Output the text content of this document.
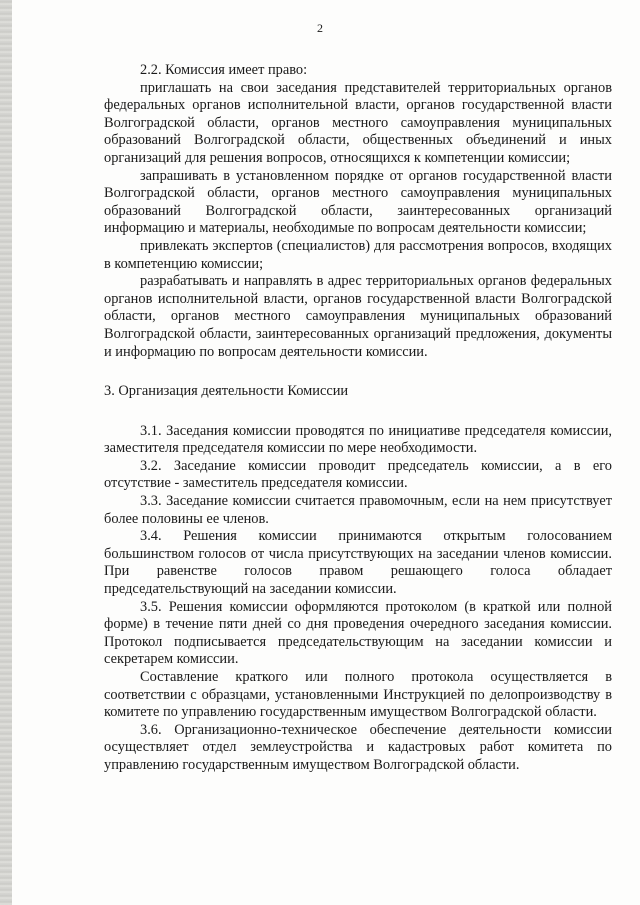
2

2.2. Комиссия имеет право:

приглашать на свои заседания представителей территориальных органов федеральных органов исполнительной власти, органов государственной власти Волгоградской области, органов местного самоуправления муниципальных образований Волгоградской области, общественных объединений и иных организаций для решения вопросов, относящихся к компетенции комиссии;

запрашивать в установленном порядке от органов государственной власти Волгоградской области, органов местного самоуправления муниципальных образований Волгоградской области, заинтересованных организаций информацию и материалы, необходимые по вопросам деятельности комиссии;

привлекать экспертов (специалистов) для рассмотрения вопросов, входящих в компетенцию комиссии;

разрабатывать и направлять в адрес территориальных органов федеральных органов исполнительной власти, органов государственной власти Волгоградской области, органов местного самоуправления муниципальных образований Волгоградской области, заинтересованных организаций предложения, документы и информацию по вопросам деятельности комиссии.

3. Организация деятельности Комиссии

3.1. Заседания комиссии проводятся по инициативе председателя комиссии, заместителя председателя комиссии по мере необходимости.

3.2. Заседание комиссии проводит председатель комиссии, а в его отсутствие - заместитель председателя комиссии.

3.3. Заседание комиссии считается правомочным, если на нем присутствует более половины ее членов.

3.4. Решения комиссии принимаются открытым голосованием большинством голосов от числа присутствующих на заседании членов комиссии. При равенстве голосов правом решающего голоса обладает председательствующий на заседании комиссии.

3.5. Решения комиссии оформляются протоколом (в краткой или полной форме) в течение пяти дней со дня проведения очередного заседания комиссии. Протокол подписывается председательствующим на заседании комиссии и секретарем комиссии.

Составление краткого или полного протокола осуществляется в соответствии с образцами, установленными Инструкцией по делопроизводству в комитете по управлению государственным имуществом Волгоградской области.

3.6. Организационно-техническое обеспечение деятельности комиссии осуществляет отдел землеустройства и кадастровых работ комитета по управлению государственным имуществом Волгоградской области.
